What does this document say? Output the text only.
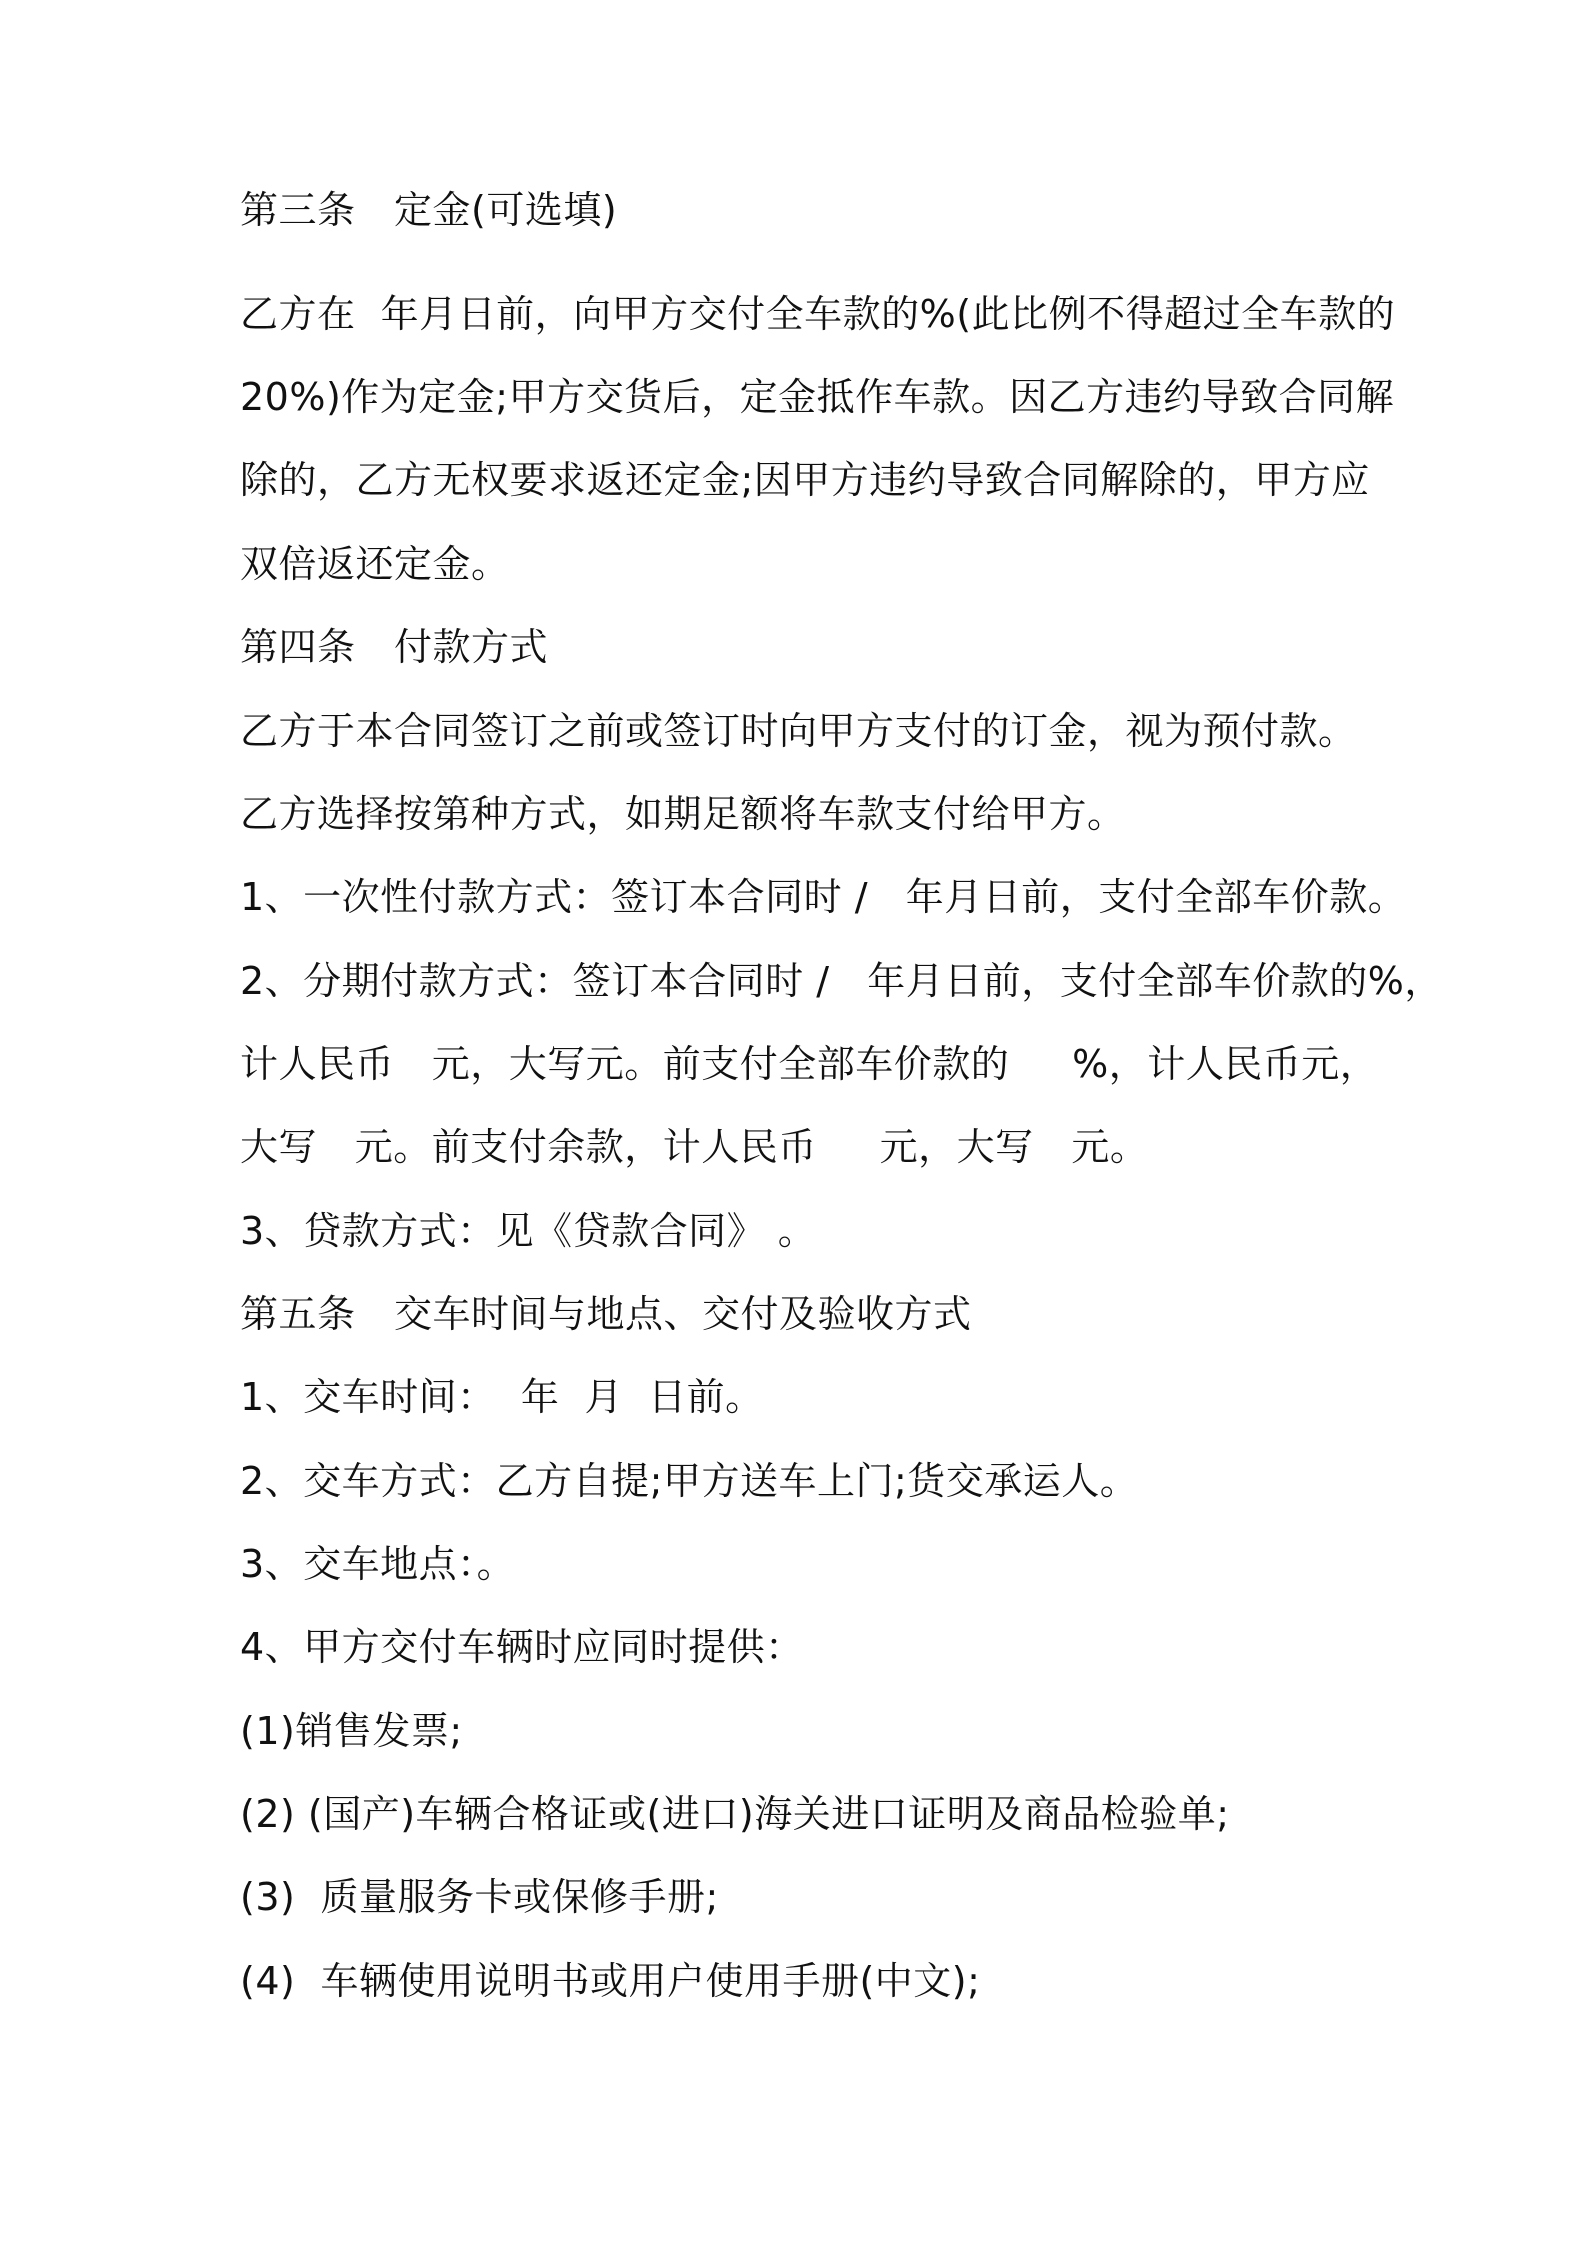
第三条　定金(可选填)
乙方在  年月日前，向甲方交付全车款的%(此比例不得超过全车款的
20%)作为定金;甲方交货后，定金抵作车款。因乙方违约导致合同解
除的，乙方无权要求返还定金;因甲方违约导致合同解除的，甲方应
双倍返还定金。
第四条　付款方式
乙方于本合同签订之前或签订时向甲方支付的订金，视为预付款。
乙方选择按第种方式，如期足额将车款支付给甲方。
1、一次性付款方式：签订本合同时 /   年月日前，支付全部车价款。
2、分期付款方式：签订本合同时 /   年月日前，支付全部车价款的%，
计人民币   元，大写元。前支付全部车价款的     %，计人民币元，
大写   元。前支付余款，计人民币     元，大写   元。
3、贷款方式：见《贷款合同》 。
第五条　交车时间与地点、交付及验收方式
1、交车时间：  年  月  日前。
2、交车方式：乙方自提;甲方送车上门;货交承运人。
3、交车地点：。
4、甲方交付车辆时应同时提供：
(1)销售发票;
(2) (国产)车辆合格证或(进口)海关进口证明及商品检验单;
(3)  质量服务卡或保修手册;
(4)  车辆使用说明书或用户使用手册(中文);
